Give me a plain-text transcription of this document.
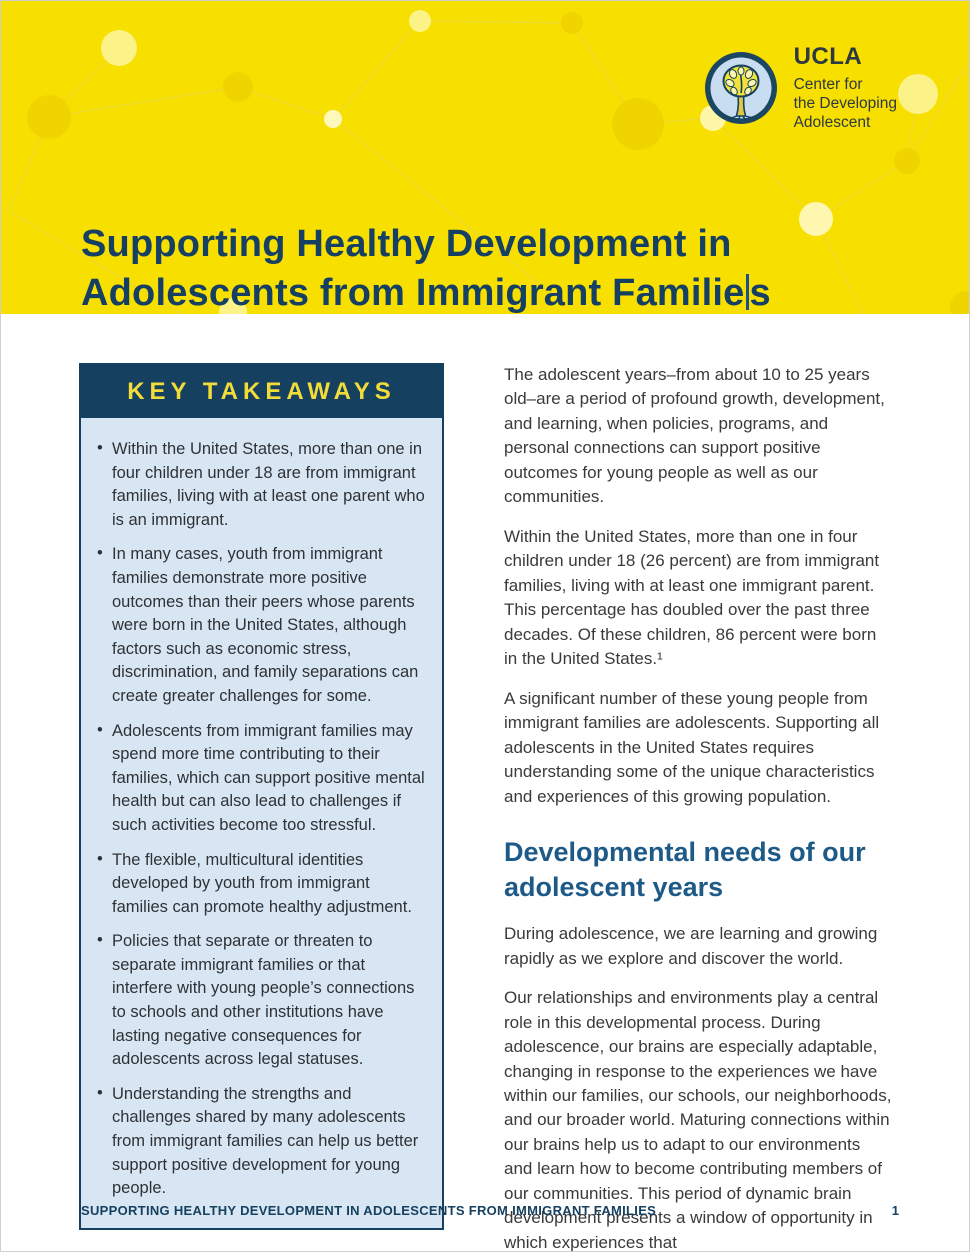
UCLA
Center for
the Developing
Adolescent
Supporting Healthy Development in
Adolescents from Immigrant Familie s
KEY TAKEAWAYS
• Within the United States, more than one in four children under 18 are from immigrant families, living with at least one parent who is an immigrant.
• In many cases, youth from immigrant families demonstrate more positive outcomes than their peers whose parents were born in the United States, although factors such as economic stress, discrimination, and family separations can create greater challenges for some.
• Adolescents from immigrant families may spend more time contributing to their families, which can support positive mental health but can also lead to challenges if such activities become too stressful.
• The flexible, multicultural identities developed by youth from immigrant families can promote healthy adjustment.
• Policies that separate or threaten to separate immigrant families or that interfere with young people’s connections to schools and other institutions have lasting negative consequences for adolescents across legal statuses.
• Understanding the strengths and challenges shared by many adolescents from immigrant families can help us better support positive development for young people.

The adolescent years–from about 10 to 25 years old–are a period of profound growth, development, and learning, when policies, programs, and personal connections can support positive outcomes for young people as well as our communities.

Within the United States, more than one in four children under 18 (26 percent) are from immigrant families, living with at least one immigrant parent. This percentage has doubled over the past three decades. Of these children, 86 percent were born in the United States.¹

A significant number of these young people from immigrant families are adolescents. Supporting all adolescents in the United States requires understanding some of the unique characteristics and experiences of this growing population.

Developmental needs of our adolescent years

During adolescence, we are learning and growing rapidly as we explore and discover the world.

Our relationships and environments play a central role in this developmental process. During adolescence, our brains are especially adaptable, changing in response to the experiences we have within our families, our schools, our neighborhoods, and our broader world. Maturing connections within our brains help us to adapt to our environments and learn how to become contributing members of our communities. This period of dynamic brain development presents a window of opportunity in which experiences that

SUPPORTING HEALTHY DEVELOPMENT IN ADOLESCENTS FROM IMMIGRANT FAMILIES	1
